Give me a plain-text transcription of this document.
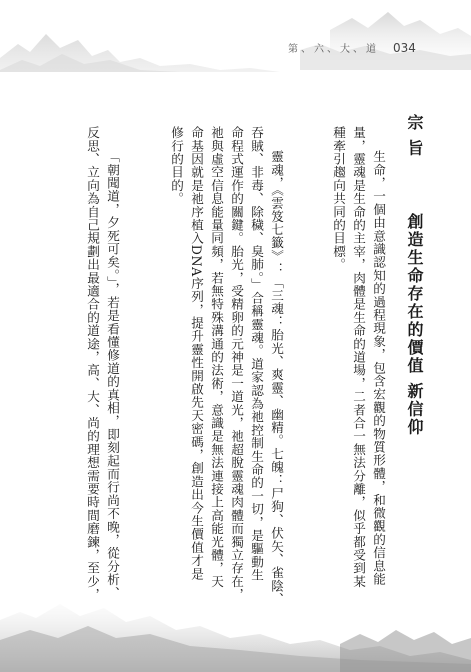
第、六、大、道 034
宗 旨  創造生命存在的價值 新信仰
生命，一個由意識認知的過程現象，包含宏觀的物質形體，和微觀的信息能
量，靈魂是生命的主宰，肉體是生命的道場，二者合一無法分離，似乎都受到某
種牽引趨向共同的目標。
靈魂，《雲笈七籤》：「三魂：胎光、爽靈、幽精。七魄：尸狗、伏矢、雀陰、
吞賊、非毒、除穢、臭肺。」合稱靈魂。道家認為祂控制生命的一切，是驅動生
命程式運作的關鍵。胎光，受精卵的元神是一道光，祂超脫靈魂肉體而獨立存在，
祂與虛空信息能量同頻，若無特殊溝通的法術，意識是無法連接上高能光體，天
命基因就是祂序植入DNA序列，提升靈性開啟先天密碼，創造出今生價值才是
修行的目的。
「朝聞道，夕死可矣。」，若是看懂修道的真相，即刻起而行尚不晚，從分析、
反思、立向為自己規劃出最適合的道途，高、大、尚的理想需要時間磨鍊，至少，
